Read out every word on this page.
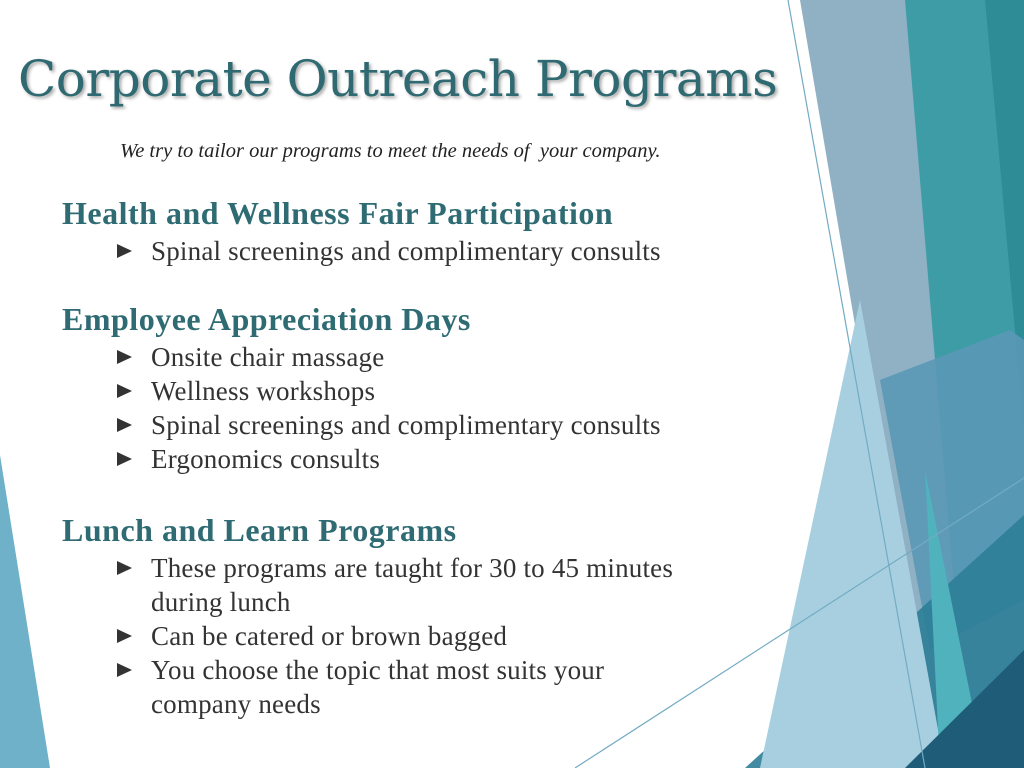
Corporate Outreach Programs
We try to tailor our programs to meet the needs of  your company.
Health and Wellness Fair Participation
Spinal screenings and complimentary consults
Employee Appreciation Days
Onsite chair massage
Wellness workshops
Spinal screenings and complimentary consults
Ergonomics consults
Lunch and Learn Programs
These programs are taught for 30 to 45 minutes during lunch
Can be catered or brown bagged
You choose the topic that most suits your company needs
